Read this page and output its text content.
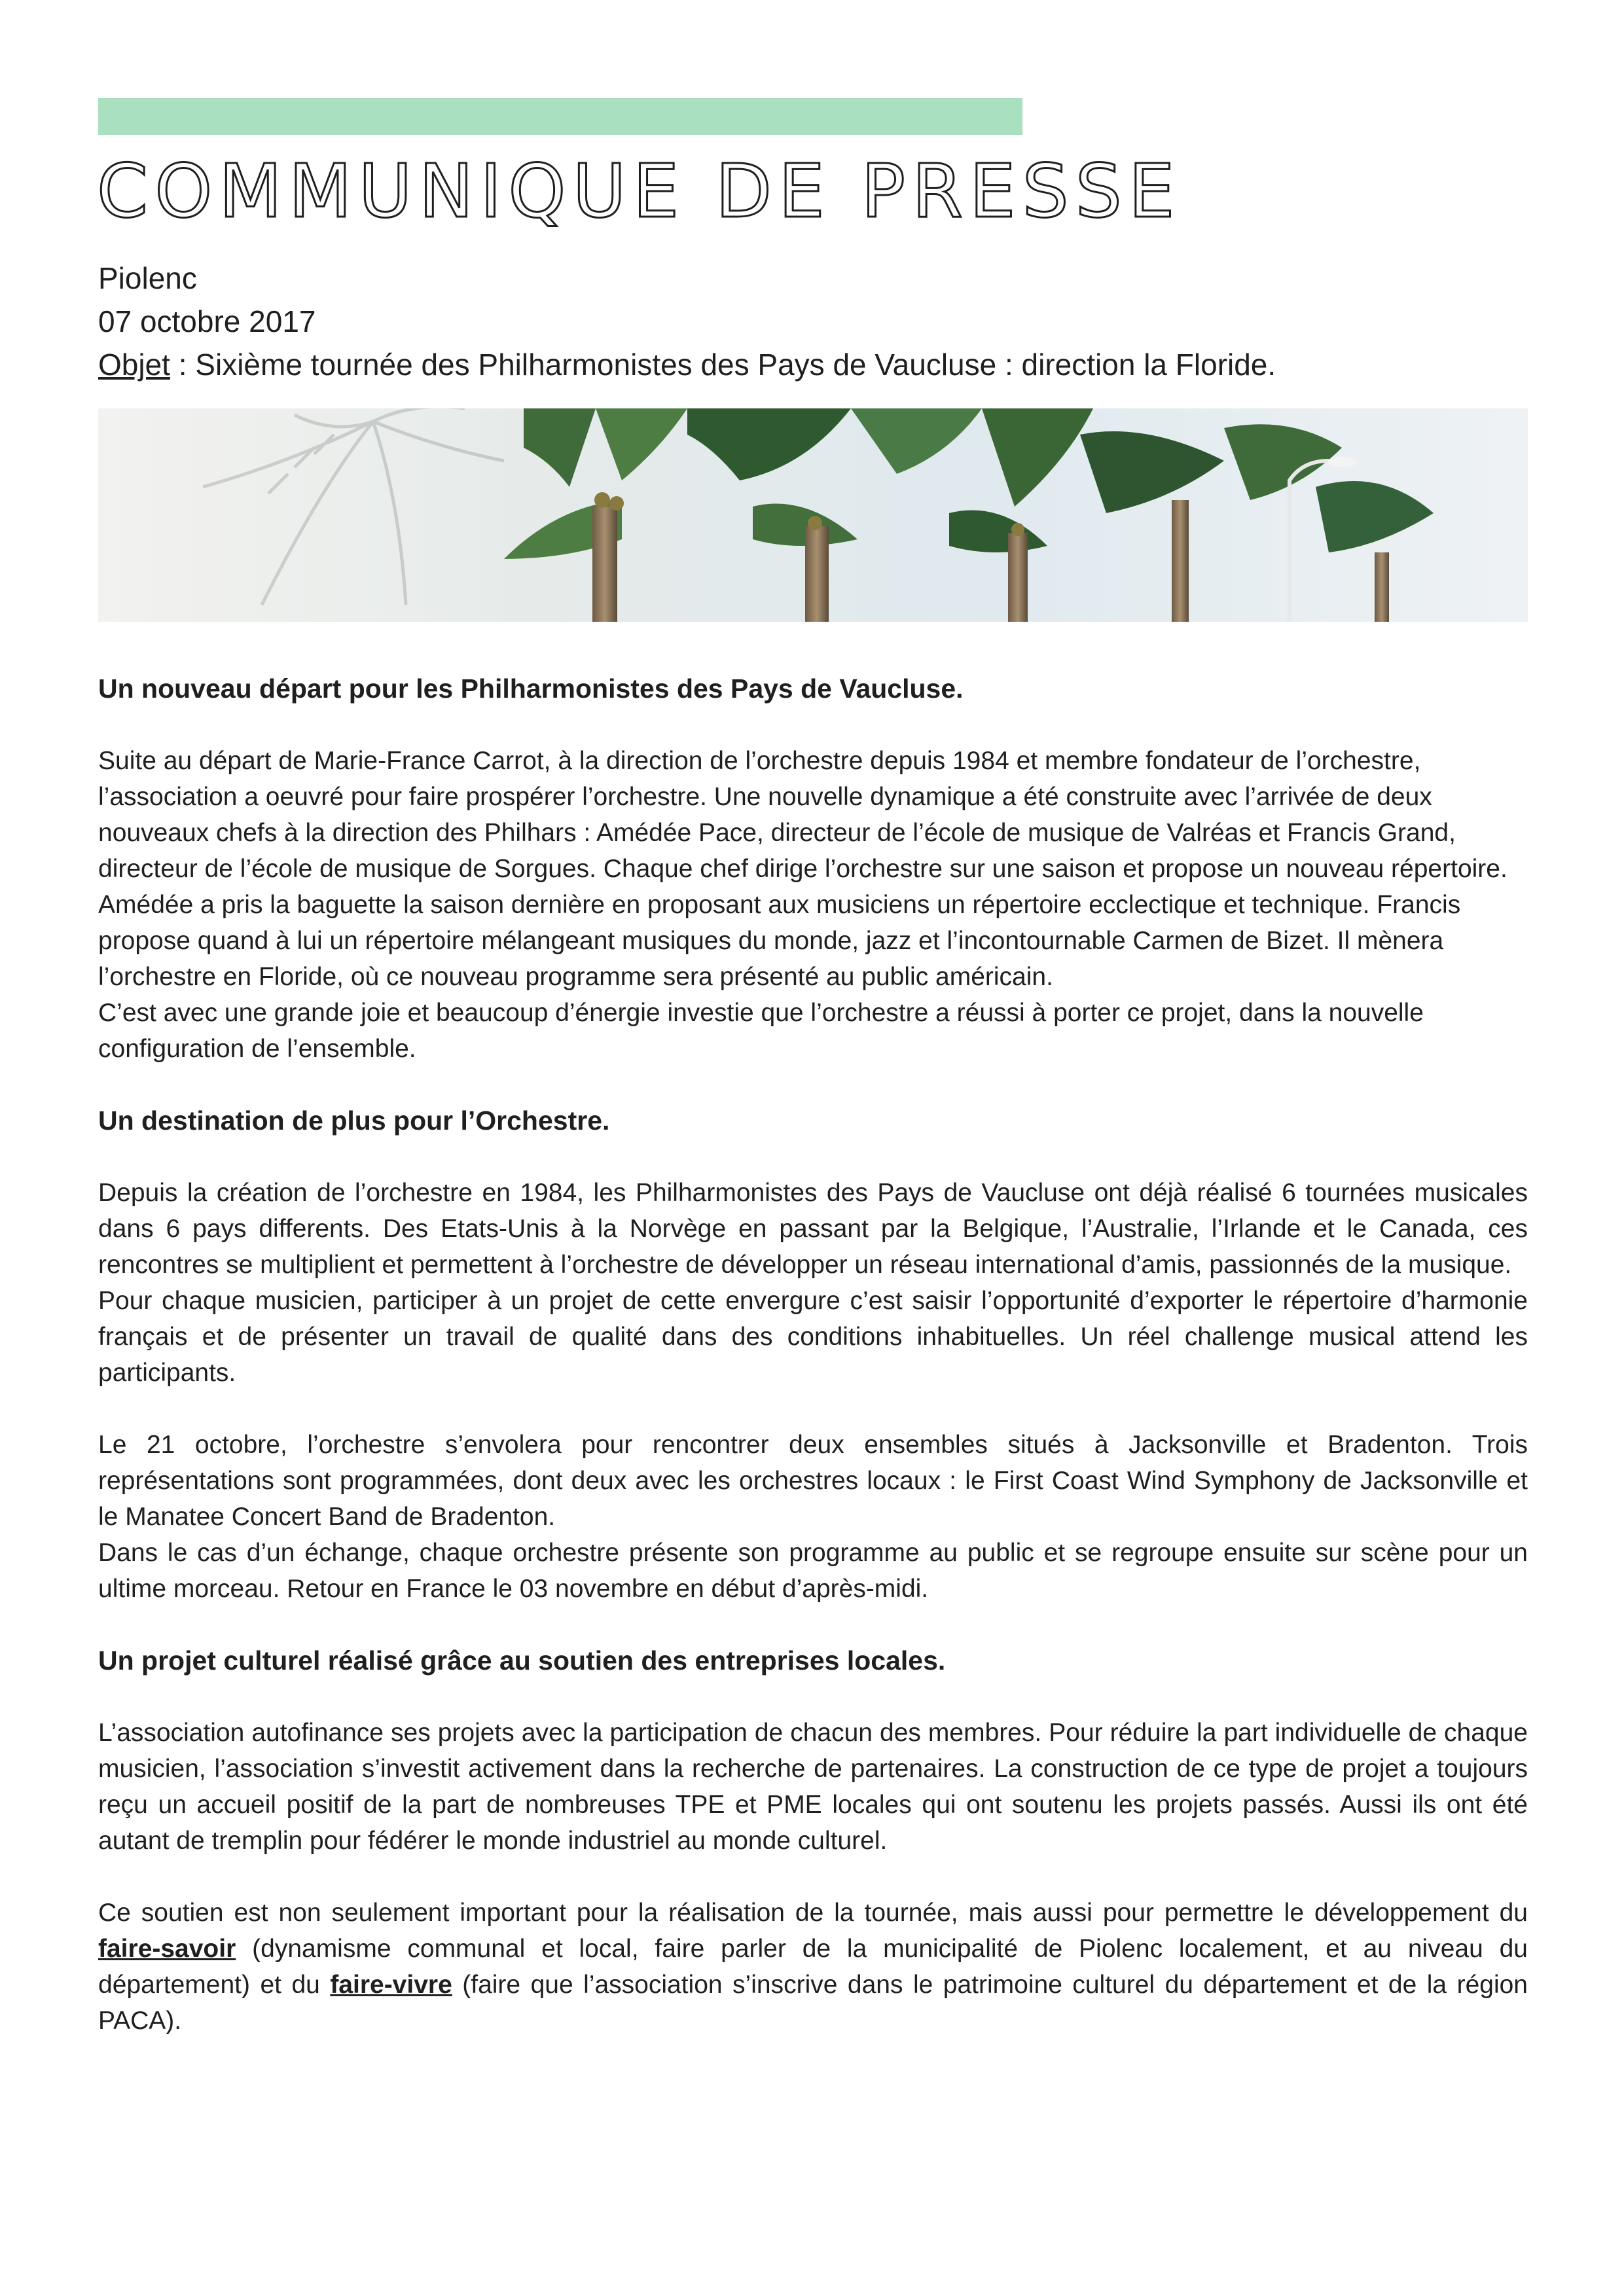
COMMUNIQUE DE PRESSE
Piolenc
07 octobre 2017
Objet : Sixième tournée des Philharmonistes des Pays de Vaucluse : direction la Floride.
Un nouveau départ pour les Philharmonistes des Pays de Vaucluse.

Suite au départ de Marie-France Carrot, à la direction de l’orchestre depuis 1984 et membre fondateur de l’orchestre, l’association a oeuvré pour faire prospérer l’orchestre. Une nouvelle dynamique a été construite avec l’arrivée de deux nouveaux chefs à la direction des Philhars : Amédée Pace, directeur de l’école de musique de Valréas et Francis Grand, directeur de l’école de musique de Sorgues. Chaque chef dirige l’orchestre sur une saison et propose un nouveau répertoire. Amédée a pris la baguette la saison dernière en proposant aux musiciens un répertoire ecclectique et technique. Francis propose quand à lui un répertoire mélangeant musiques du monde, jazz et l’incontournable Carmen de Bizet. Il mènera l’orchestre en Floride, où ce nouveau programme sera présenté au public américain.

C’est avec une grande joie et beaucoup d’énergie investie que l’orchestre a réussi à porter ce projet, dans la nouvelle configuration de l’ensemble.

Un destination de plus pour l’Orchestre.

Depuis la création de l’orchestre en 1984, les Philharmonistes des Pays de Vaucluse ont déjà réalisé 6 tournées musicales dans 6 pays differents. Des Etats-Unis à la Norvège en passant par la Belgique, l’Australie, l’Irlande et le Canada, ces rencontres se multiplient et permettent à l’orchestre de développer un réseau international d’amis, passionnés de la musique.

Pour chaque musicien, participer à un projet de cette envergure c’est saisir l’opportunité d’exporter le répertoire d’harmonie français et de présenter un travail de qualité dans des conditions inhabituelles. Un réel challenge musical attend les participants.

Le 21 octobre, l’orchestre s’envolera pour rencontrer deux ensembles situés à Jacksonville et Bradenton. Trois représentations sont programmées, dont deux avec les orchestres locaux : le First Coast Wind Symphony de Jacksonville et le Manatee Concert Band de Bradenton.

Dans le cas d’un échange, chaque orchestre présente son programme au public et se regroupe ensuite sur scène pour un ultime morceau. Retour en France le 03 novembre en début d’après-midi.

Un projet culturel réalisé grâce au soutien des entreprises locales.

L’association autofinance ses projets avec la participation de chacun des membres. Pour réduire la part individuelle de chaque musicien, l’association s’investit activement dans la recherche de partenaires. La construction de ce type de projet a toujours reçu un accueil positif de la part de nombreuses TPE et PME locales qui ont soutenu les projets passés. Aussi ils ont été autant de tremplin pour fédérer le monde industriel au monde culturel.

Ce soutien est non seulement important pour la réalisation de la tournée, mais aussi pour permettre le développement du faire-savoir (dynamisme communal et local, faire parler de la municipalité de Piolenc localement, et au niveau du département) et du faire-vivre (faire que l’association s’inscrive dans le patrimoine culturel du département et de la région PACA).
